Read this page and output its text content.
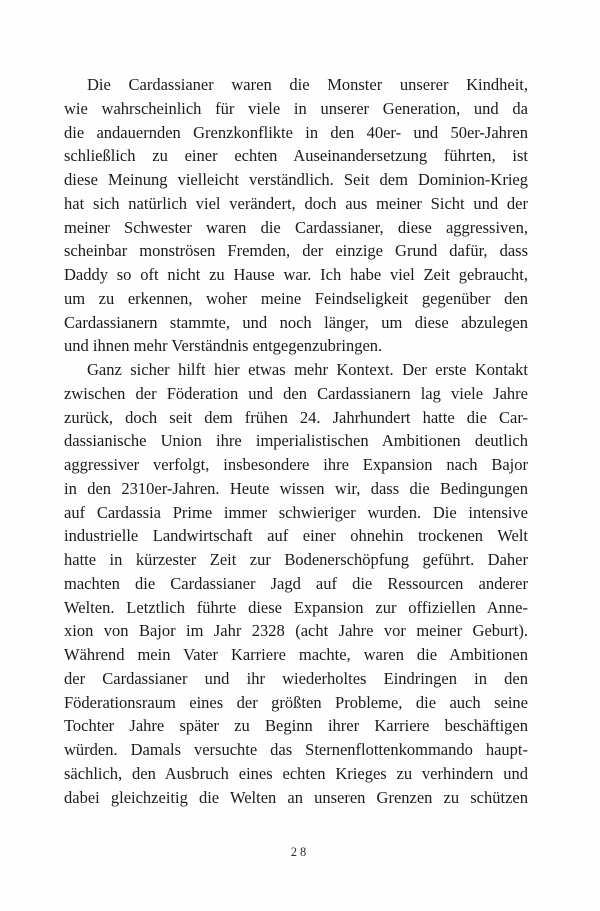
Die Cardassianer waren die Monster unserer Kindheit,
wie wahrscheinlich für viele in unserer Generation, und da
die andauernden Grenzkonflikte in den 40er- und 50er-Jahren
schließlich zu einer echten Auseinandersetzung führten, ist
diese Meinung vielleicht verständlich. Seit dem Dominion-Krieg
hat sich natürlich viel verändert, doch aus meiner Sicht und der
meiner Schwester waren die Cardassianer, diese aggressiven,
scheinbar monströsen Fremden, der einzige Grund dafür, dass
Daddy so oft nicht zu Hause war. Ich habe viel Zeit gebraucht,
um zu erkennen, woher meine Feindseligkeit gegenüber den
Cardassianern stammte, und noch länger, um diese abzulegen
und ihnen mehr Verständnis entgegenzubringen.
Ganz sicher hilft hier etwas mehr Kontext. Der erste Kontakt
zwischen der Föderation und den Cardassianern lag viele Jahre
zurück, doch seit dem frühen 24. Jahrhundert hatte die Car-
dassianische Union ihre imperialistischen Ambitionen deutlich
aggressiver verfolgt, insbesondere ihre Expansion nach Bajor
in den 2310er-Jahren. Heute wissen wir, dass die Bedingungen
auf Cardassia Prime immer schwieriger wurden. Die intensive
industrielle Landwirtschaft auf einer ohnehin trockenen Welt
hatte in kürzester Zeit zur Bodenerschöpfung geführt. Daher
machten die Cardassianer Jagd auf die Ressourcen anderer
Welten. Letztlich führte diese Expansion zur offiziellen Anne-
xion von Bajor im Jahr 2328 (acht Jahre vor meiner Geburt).
Während mein Vater Karriere machte, waren die Ambitionen
der Cardassianer und ihr wiederholtes Eindringen in den
Föderationsraum eines der größten Probleme, die auch seine
Tochter Jahre später zu Beginn ihrer Karriere beschäftigen
würden. Damals versuchte das Sternenflottenkommando haupt-
sächlich, den Ausbruch eines echten Krieges zu verhindern und
dabei gleichzeitig die Welten an unseren Grenzen zu schützen
28
